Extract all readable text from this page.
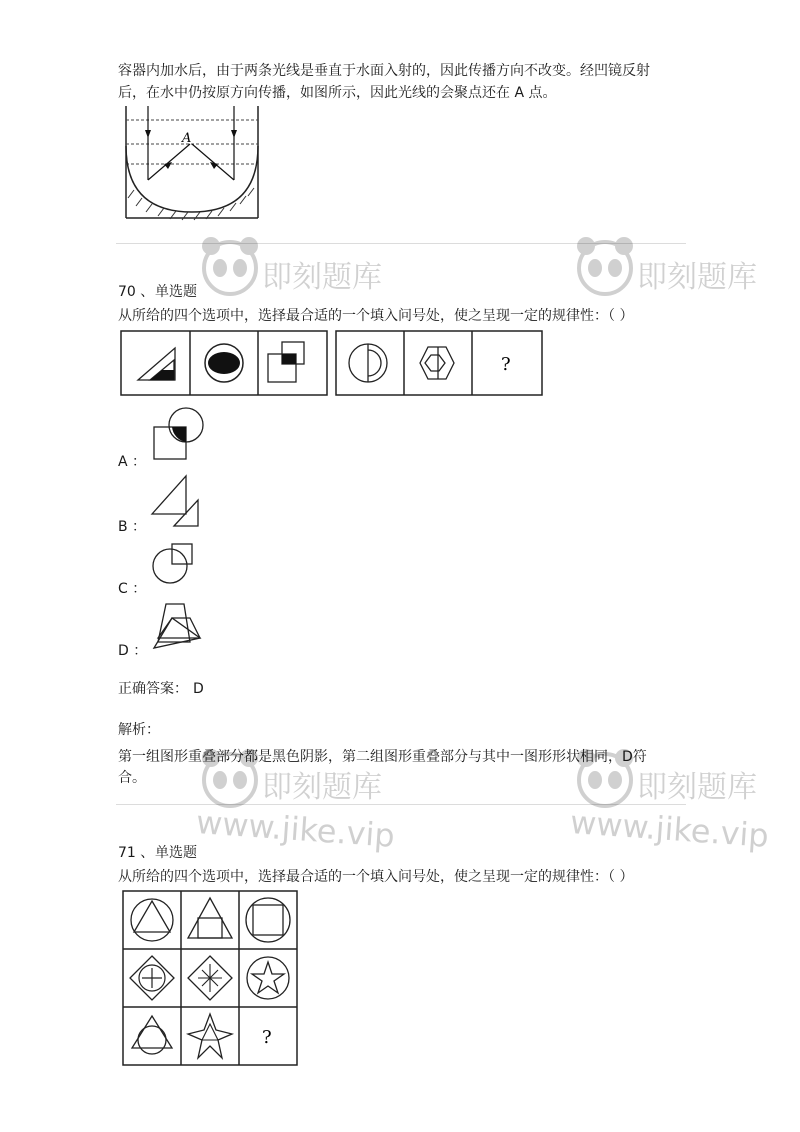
容器内加水后，由于两条光线是垂直于水面入射的，因此传播方向不改变。经凹镜反射
后，在水中仍按原方向传播，如图所示，因此光线的会聚点还在 A 点。
A
70 、 单选题
从所给的四个选项中，选择最合适的一个填入问号处，使之呈现一定的规律性：（ ）
?
A ：
B ：
C ：
D ：
正确答案： D
解析：
第一组图形重叠部分都是黑色阴影，第二组图形重叠部分与其中一图形形状相同，D符
合。
71 、 单选题
从所给的四个选项中，选择最合适的一个填入问号处，使之呈现一定的规律性：（ ）
?
即刻题库	即刻题库
即刻题库
www.jike.vip
即刻题库
www.jike.vip
